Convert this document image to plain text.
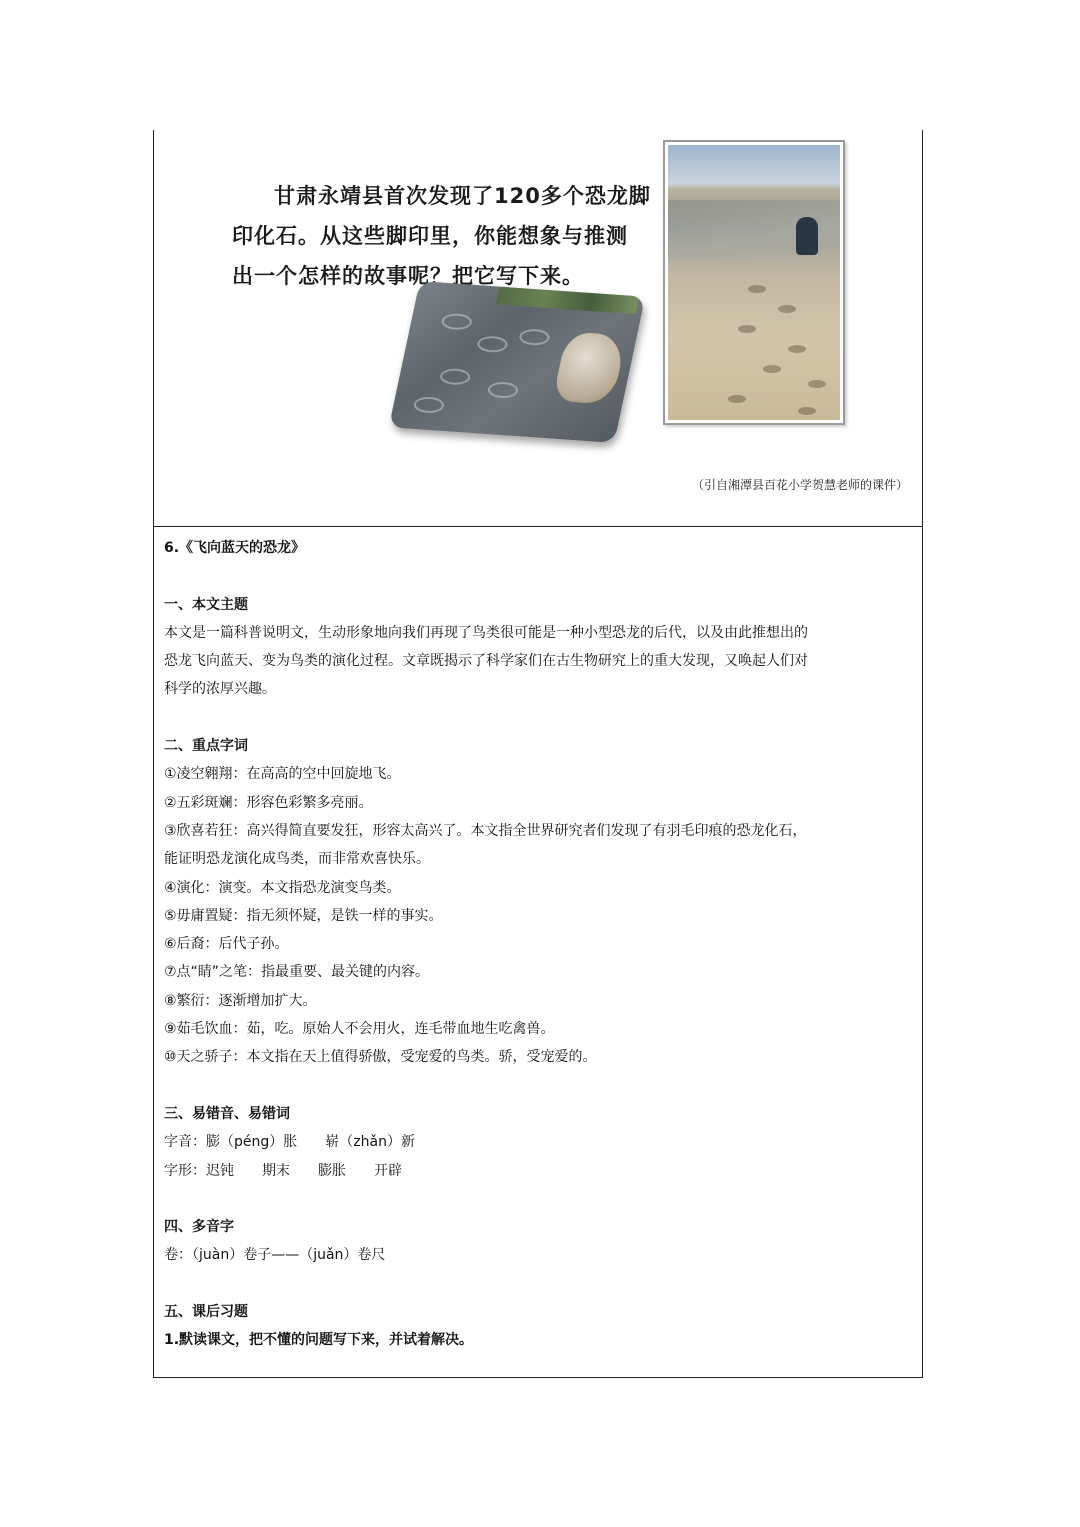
甘肃永靖县首次发现了120多个恐龙脚
印化石。从这些脚印里，你能想象与推测
出一个怎样的故事呢？把它写下来。
（引自湘潭县百花小学贺慧老师的课件）
6.《飞向蓝天的恐龙》
一、本文主题
本文是一篇科普说明文，生动形象地向我们再现了鸟类很可能是一种小型恐龙的后代，以及由此推想出的
恐龙飞向蓝天、变为鸟类的演化过程。文章既揭示了科学家们在古生物研究上的重大发现，又唤起人们对
科学的浓厚兴趣。
二、重点字词
①凌空翱翔：在高高的空中回旋地飞。
②五彩斑斓：形容色彩繁多亮丽。
③欣喜若狂：高兴得简直要发狂，形容太高兴了。本文指全世界研究者们发现了有羽毛印痕的恐龙化石，
能证明恐龙演化成鸟类，而非常欢喜快乐。
④演化：演变。本文指恐龙演变鸟类。
⑤毋庸置疑：指无须怀疑，是铁一样的事实。
⑥后裔：后代子孙。
⑦点“睛”之笔：指最重要、最关键的内容。
⑧繁衍：逐渐增加扩大。
⑨茹毛饮血：茹，吃。原始人不会用火，连毛带血地生吃禽兽。
⑩天之骄子：本文指在天上值得骄傲，受宠爱的鸟类。骄，受宠爱的。
三、易错音、易错词
字音：膨（péng）胀 崭（zhǎn）新
字形：迟钝 期末 膨胀 开辟
四、多音字
卷：（juàn）卷子——（juǎn）卷尺
五、课后习题
1.默读课文，把不懂的问题写下来，并试着解决。
